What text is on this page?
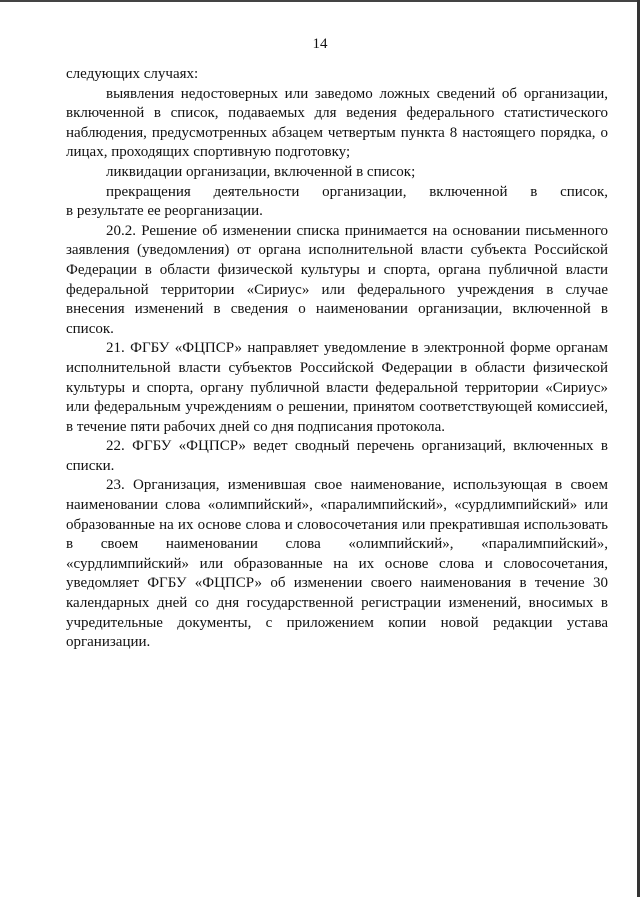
14

следующих случаях:

выявления недостоверных или заведомо ложных сведений об организации, включенной в список, подаваемых для ведения федерального статистического наблюдения, предусмотренных абзацем четвертым пункта 8 настоящего порядка, о лицах, проходящих спортивную подготовку;

ликвидации организации, включенной в список;

прекращения деятельности организации, включенной в список,

в результате ее реорганизации.

20.2. Решение об изменении списка принимается на основании письменного заявления (уведомления) от органа исполнительной власти субъекта Российской Федерации в области физической культуры и спорта, органа публичной власти федеральной территории «Сириус» или федерального учреждения в случае внесения изменений в сведения о наименовании организации, включенной в список.

21. ФГБУ «ФЦПСР» направляет уведомление в электронной форме органам исполнительной власти субъектов Российской Федерации в области физической культуры и спорта, органу публичной власти федеральной территории «Сириус» или федеральным учреждениям о решении, принятом соответствующей комиссией, в течение пяти рабочих дней со дня подписания протокола.

22. ФГБУ «ФЦПСР» ведет сводный перечень организаций, включенных в списки.

23. Организация, изменившая свое наименование, использующая в своем наименовании слова «олимпийский», «паралимпийский», «сурдлимпийский» или образованные на их основе слова и словосочетания или прекратившая использовать в своем наименовании слова «олимпийский», «паралимпийский», «сурдлимпийский» или образованные на их основе слова и словосочетания, уведомляет ФГБУ «ФЦПСР» об изменении своего наименования в течение 30 календарных дней со дня государственной регистрации изменений, вносимых в учредительные документы, с приложением копии новой редакции устава организации.
